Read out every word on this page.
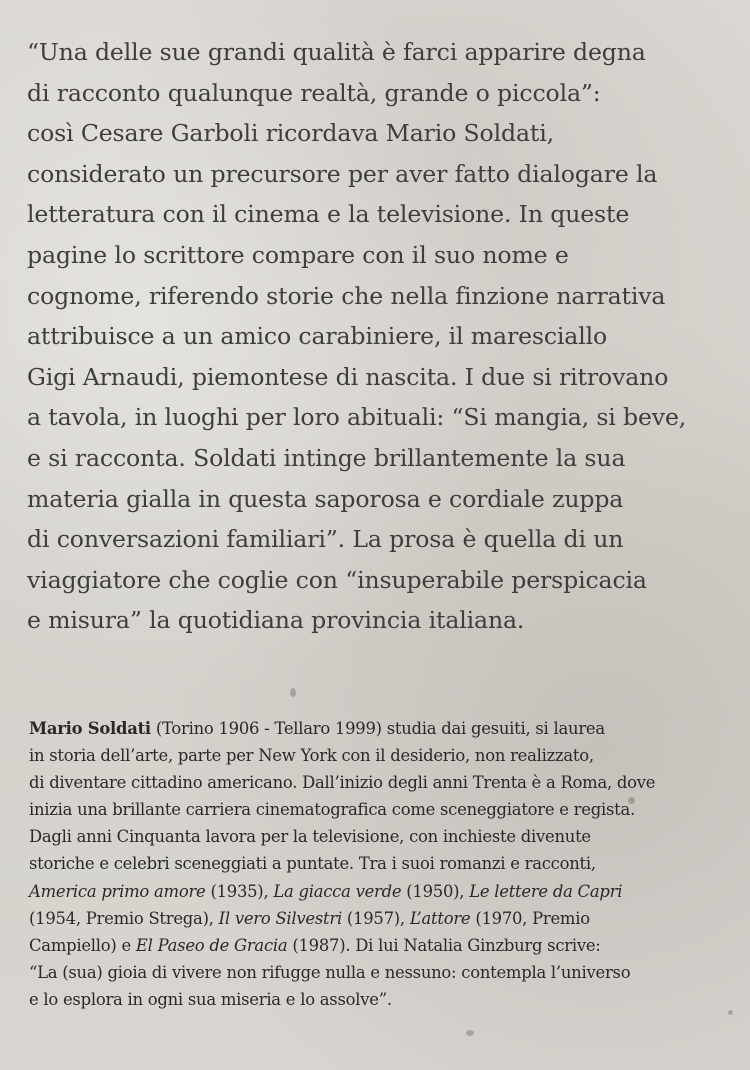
“Una delle sue grandi qualità è farci apparire degna
di racconto qualunque realtà, grande o piccola”:
così Cesare Garboli ricordava Mario Soldati,
considerato un precursore per aver fatto dialogare la
letteratura con il cinema e la televisione. In queste
pagine lo scrittore compare con il suo nome e
cognome, riferendo storie che nella finzione narrativa
attribuisce a un amico carabiniere, il maresciallo
Gigi Arnaudi, piemontese di nascita. I due si ritrovano
a tavola, in luoghi per loro abituali: “Si mangia, si beve,
e si racconta. Soldati intinge brillantemente la sua
materia gialla in questa saporosa e cordiale zuppa
di conversazioni familiari”. La prosa è quella di un
viaggiatore che coglie con “insuperabile perspicacia
e misura” la quotidiana provincia italiana.
Mario Soldati (Torino 1906 - Tellaro 1999) studia dai gesuiti, si laurea
in storia dell’arte, parte per New York con il desiderio, non realizzato,
di diventare cittadino americano. Dall’inizio degli anni Trenta è a Roma, dove
inizia una brillante carriera cinematografica come sceneggiatore e regista.
Dagli anni Cinquanta lavora per la televisione, con inchieste divenute
storiche e celebri sceneggiati a puntate. Tra i suoi romanzi e racconti,
America primo amore (1935), La giacca verde (1950), Le lettere da Capri
(1954, Premio Strega), Il vero Silvestri (1957), L’attore (1970, Premio
Campiello) e El Paseo de Gracia (1987). Di lui Natalia Ginzburg scrive:
“La (sua) gioia di vivere non rifugge nulla e nessuno: contempla l’universo
e lo esplora in ogni sua miseria e lo assolve”.
